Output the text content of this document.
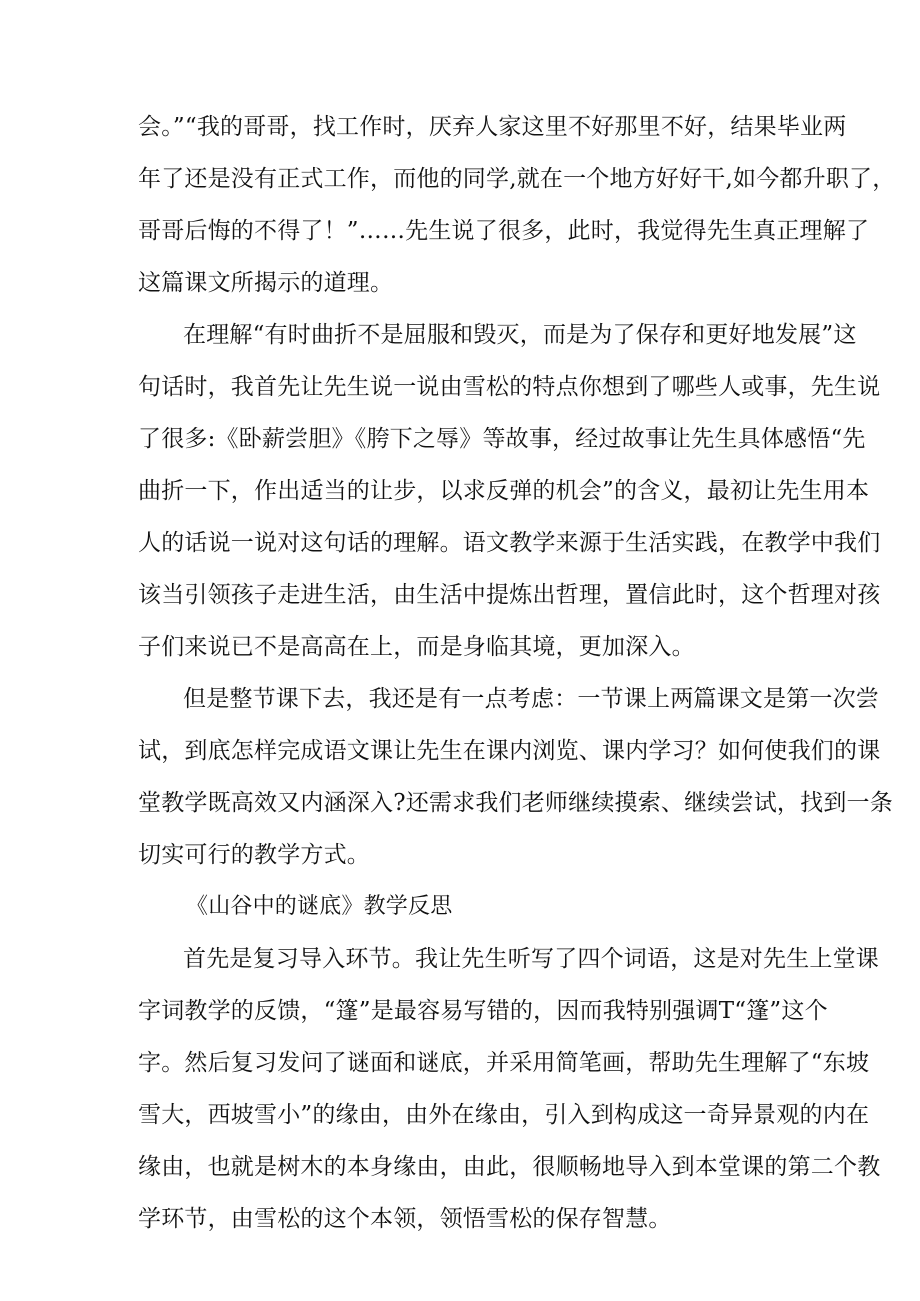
会。”“我的哥哥，找工作时，厌弃人家这里不好那里不好，结果毕业两

年了还是没有正式工作，而他的同学,就在一个地方好好干,如今都升职了，

哥哥后悔的不得了！”……先生说了很多，此时，我觉得先生真正理解了

这篇课文所揭示的道理。

在理解“有时曲折不是屈服和毁灭，而是为了保存和更好地发展”这

句话时，我首先让先生说一说由雪松的特点你想到了哪些人或事，先生说

了很多:《卧薪尝胆》《胯下之辱》等故事，经过故事让先生具体感悟“先

曲折一下，作出适当的让步，以求反弹的机会”的含义，最初让先生用本

人的话说一说对这句话的理解。语文教学来源于生活实践，在教学中我们

该当引领孩子走进生活，由生活中提炼出哲理，置信此时，这个哲理对孩

子们来说已不是高高在上，而是身临其境，更加深入。

但是整节课下去，我还是有一点考虑：一节课上两篇课文是第一次尝

试，到底怎样完成语文课让先生在课内浏览、课内学习？如何使我们的课

堂教学既高效又内涵深入?还需求我们老师继续摸索、继续尝试，找到一条

切实可行的教学方式。

《山谷中的谜底》教学反思

首先是复习导入环节。我让先生听写了四个词语，这是对先生上堂课

字词教学的反馈，“篷”是最容易写错的，因而我特别强调T“篷”这个

字。然后复习发问了谜面和谜底，并采用简笔画，帮助先生理解了“东坡

雪大，西坡雪小”的缘由，由外在缘由，引入到构成这一奇异景观的内在

缘由，也就是树木的本身缘由，由此，很顺畅地导入到本堂课的第二个教

学环节，由雪松的这个本领，领悟雪松的保存智慧。
